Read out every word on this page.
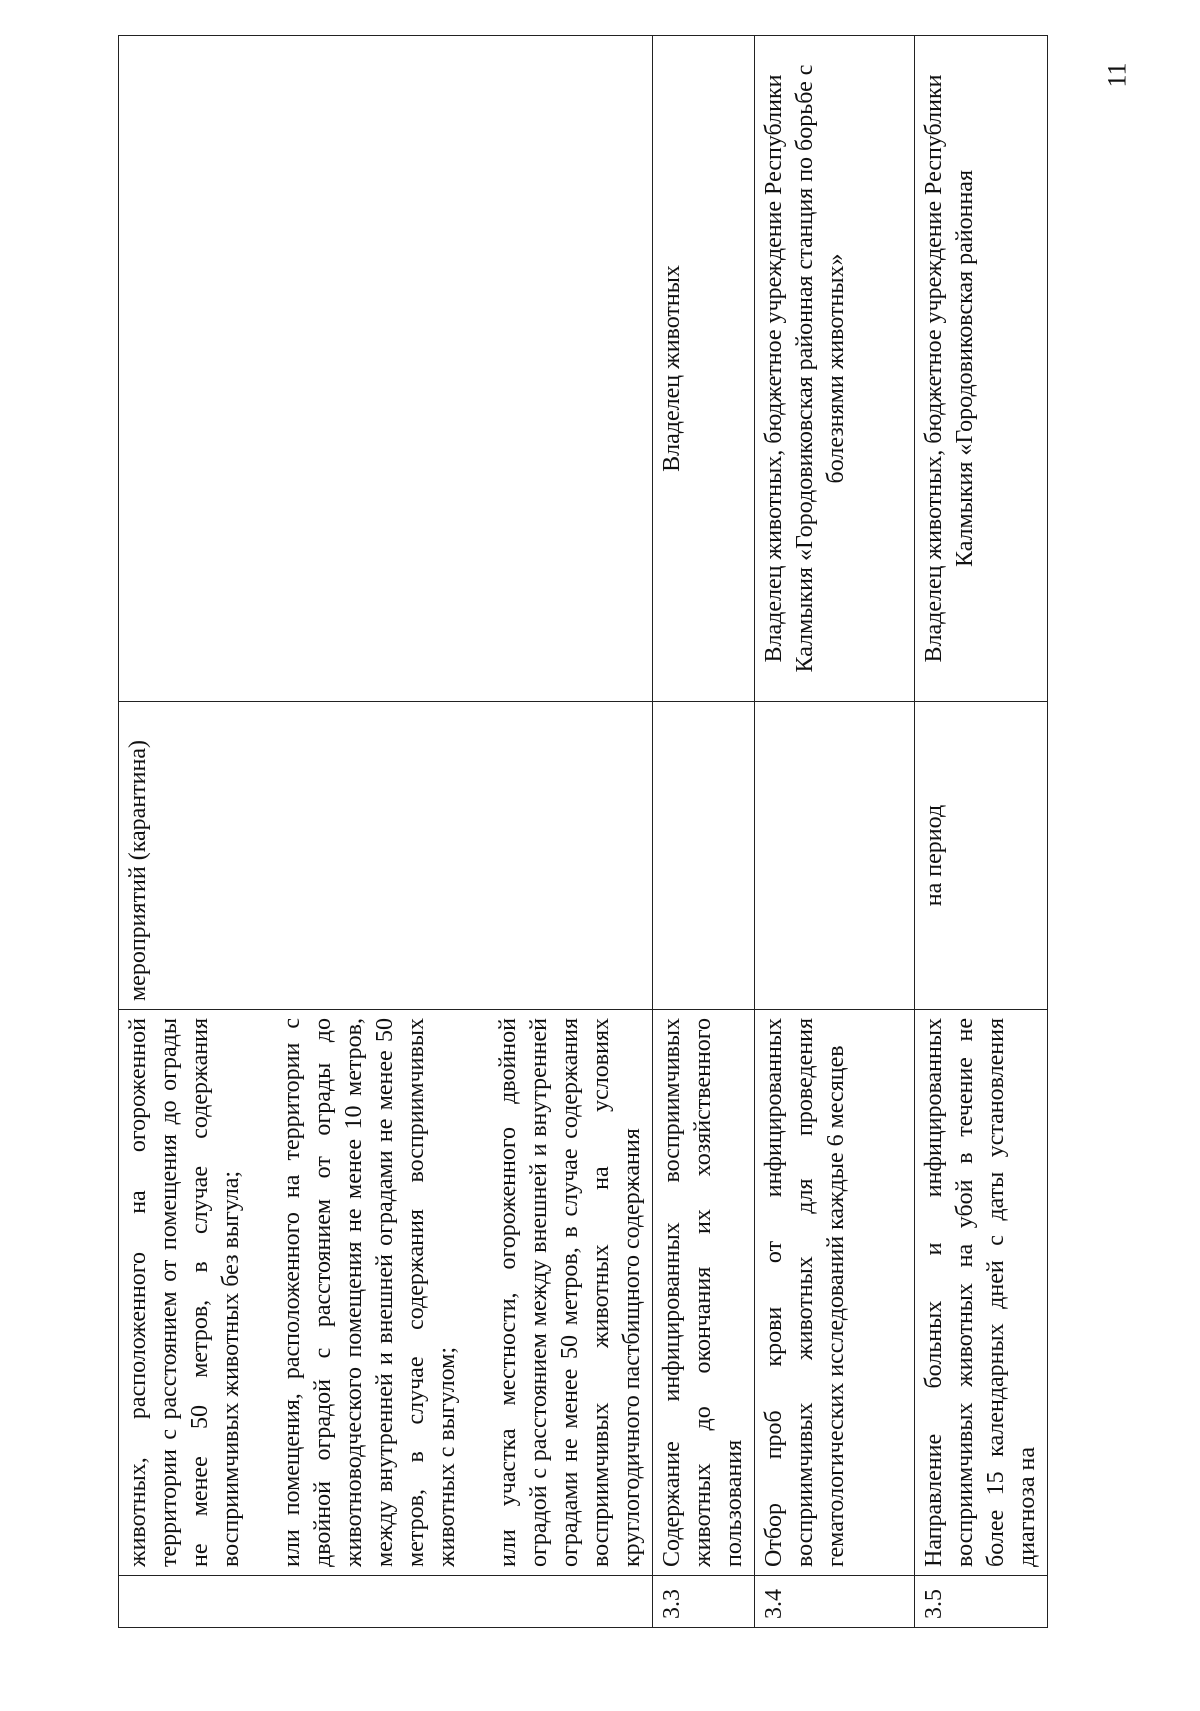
	животных, расположенного на огороженной территории с расстоянием от помещения до ограды не менее 50 метров, в случае содержания восприимчивых животных без выгула; или помещения, расположенного на территории с двойной оградой с расстоянием от ограды до животноводческого помещения не менее 10 метров, между внутренней и внешней оградами не менее 50 метров, в случае содержания восприимчивых животных с выгулом; или участка местности, огороженного двойной оградой с расстоянием между внешней и внутренней оградами не менее 50 метров, в случае содержания восприимчивых животных на условиях круглогодичного пастбищного содержания	мероприятий (карантина)	
3.3	Содержание инфицированных восприимчивых животных до окончания их хозяйственного пользования		Владелец животных
3.4	Отбор проб крови от инфицированных восприимчивых животных для проведения гематологических исследований каждые 6 месяцев		Владелец животных, бюджетное учреждение Республики Калмыкия «Городовиковская районная станция по борьбе с болезнями животных»
3.5	Направление больных и инфицированных восприимчивых животных на убой в течение не более 15 календарных дней с даты установления диагноза на	на период	Владелец животных, бюджетное учреждение Республики Калмыкия «Городовиковская районная
11
